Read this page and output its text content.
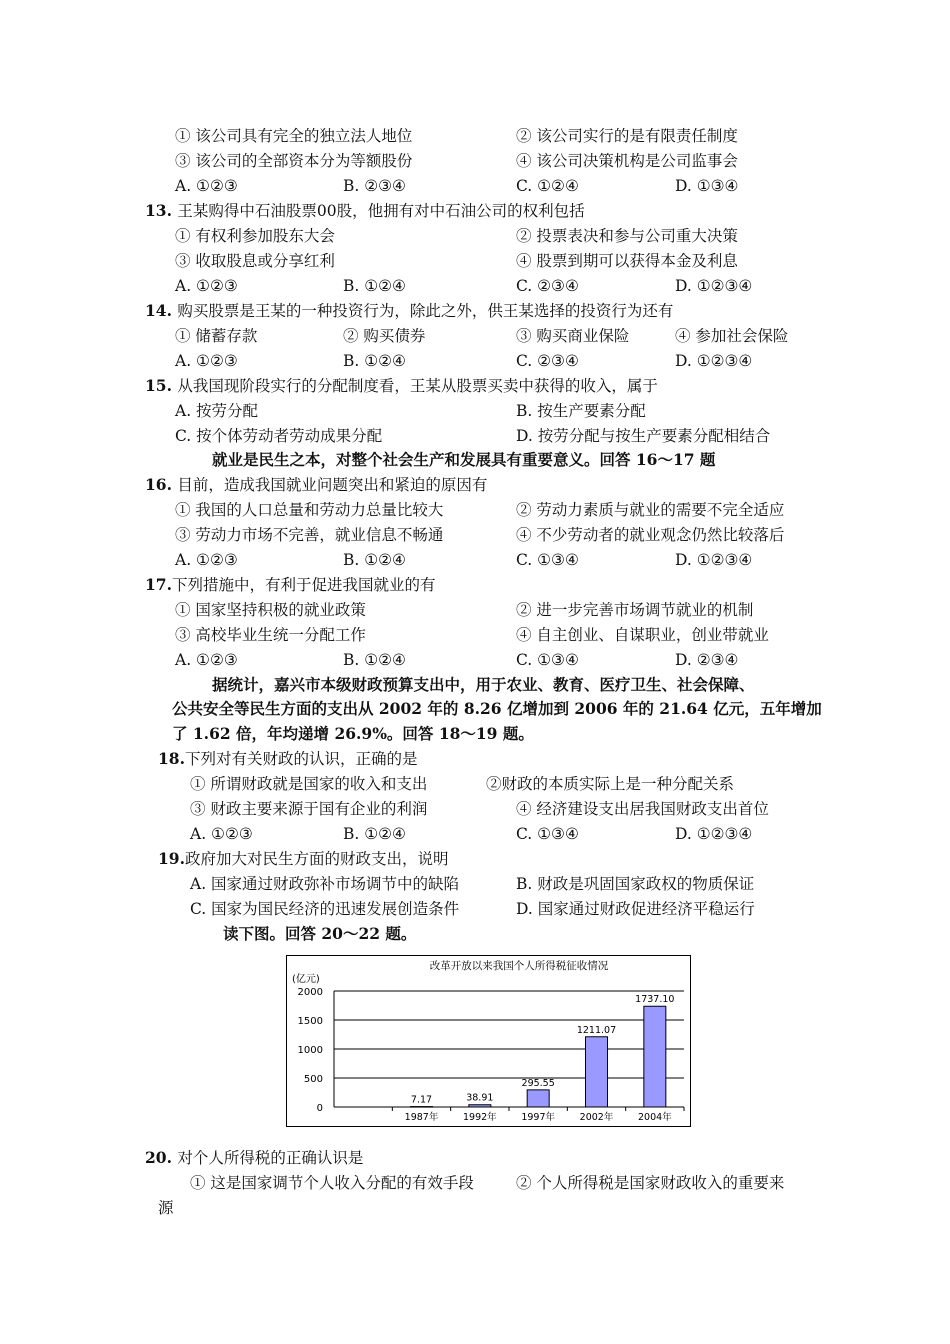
① 该公司具有完全的独立法人地位	② 该公司实行的是有限责任制度
③ 该公司的全部资本分为等额股份	④ 该公司决策机构是公司监事会
A. ①②③	B. ②③④	C. ①②④	D. ①③④
13. 王某购得中石油股票00股，他拥有对中石油公司的权利包括
① 有权利参加股东大会	② 投票表决和参与公司重大决策
③ 收取股息或分享红利	④ 股票到期可以获得本金及利息
A. ①②③	B. ①②④	C. ②③④	D. ①②③④
14. 购买股票是王某的一种投资行为，除此之外，供王某选择的投资行为还有
① 储蓄存款	② 购买债券	③ 购买商业保险	④ 参加社会保险
A. ①②③	B. ①②④	C. ②③④	D. ①②③④
15. 从我国现阶段实行的分配制度看，王某从股票买卖中获得的收入，属于
A. 按劳分配	B. 按生产要素分配
C. 按个体劳动者劳动成果分配	D. 按劳分配与按生产要素分配相结合
就业是民生之本，对整个社会生产和发展具有重要意义。回答 16～17 题
16. 目前，造成我国就业问题突出和紧迫的原因有
① 我国的人口总量和劳动力总量比较大	② 劳动力素质与就业的需要不完全适应
③ 劳动力市场不完善，就业信息不畅通	④ 不少劳动者的就业观念仍然比较落后
A. ①②③	B. ①②④	C. ①③④	D. ①②③④
17.下列措施中，有利于促进我国就业的有
① 国家坚持积极的就业政策	② 进一步完善市场调节就业的机制
③ 高校毕业生统一分配工作	④ 自主创业、自谋职业，创业带就业
A. ①②③	B. ①②④	C. ①③④	D. ②③④
据统计，嘉兴市本级财政预算支出中，用于农业、教育、医疗卫生、社会保障、
公共安全等民生方面的支出从 2002 年的 8.26 亿增加到 2006 年的 21.64 亿元，五年增加
了 1.62 倍，年均递增 26.9%。回答 18～19 题。
18.下列对有关财政的认识，正确的是
① 所谓财政就是国家的收入和支出	②财政的本质实际上是一种分配关系
③ 财政主要来源于国有企业的利润	④ 经济建设支出居我国财政支出首位
A. ①②③	B. ①②④	C. ①③④	D. ①②③④
19.政府加大对民生方面的财政支出，说明
A. 国家通过财政弥补市场调节中的缺陷	B. 财政是巩固国家政权的物质保证
C. 国家为国民经济的迅速发展创造条件	D. 国家通过财政促进经济平稳运行
读下图。回答 20～22 题。
改革开放以来我国个人所得税征收情况
(亿元)
0
500
1000
1500
2000
7.17
1987年
38.91
1992年
295.55
1997年
1211.07
2002年
1737.10
2004年
20. 对个人所得税的正确认识是
① 这是国家调节个人收入分配的有效手段	② 个人所得税是国家财政收入的重要来
源
